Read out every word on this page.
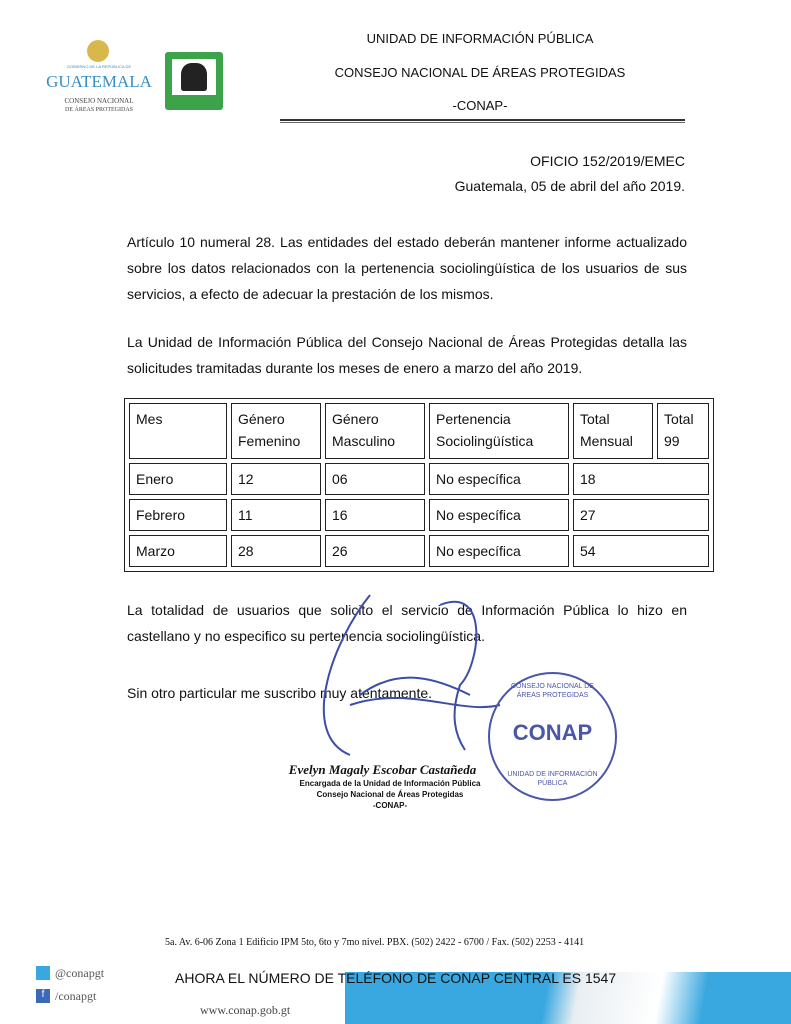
GOBIERNO DE LA REPÚBLICA DE
GUATEMALA
CONSEJO NACIONAL
DE ÁREAS PROTEGIDAS	CONAP
UNIDAD DE INFORMACIÓN PÚBLICA
CONSEJO NACIONAL DE ÁREAS PROTEGIDAS
-CONAP-
OFICIO 152/2019/EMEC
Guatemala, 05 de abril del año 2019.
Artículo 10 numeral 28. Las entidades del estado deberán mantener informe actualizado sobre los datos relacionados con la pertenencia sociolingüística de los usuarios de sus servicios, a efecto de adecuar la prestación de los mismos.
La Unidad de Información Pública del Consejo Nacional de Áreas Protegidas detalla las solicitudes tramitadas durante los meses de enero a marzo del año 2019.
Mes	Género Femenino	Género Masculino	Pertenencia Sociolingüística	Total Mensual	Total 99
Enero	12	06	No específica	18	
Febrero	11	16	No específica	27	
Marzo	28	26	No específica	54	
La totalidad de usuarios que solicito el servicio de Información Pública lo hizo en castellano y no especifico su pertenencia sociolingüística.
Sin otro particular me suscribo muy atentamente.	CONSEJO NACIONAL DE ÁREAS PROTEGIDAS
CONAP
UNIDAD DE INFORMACIÓN PÚBLICA
Evelyn Magaly Escobar Castañeda
Encargada de la Unidad de Información Pública
Consejo Nacional de Áreas Protegidas
-CONAP-
5a. Av. 6-06 Zona 1 Edificio IPM 5to, 6to y 7mo nivel. PBX. (502) 2422 - 6700 / Fax. (502) 2253 - 4141
@conapgt
f /conapgt
AHORA EL NÚMERO DE TELÉFONO DE CONAP CENTRAL ES 1547
www.conap.gob.gt
